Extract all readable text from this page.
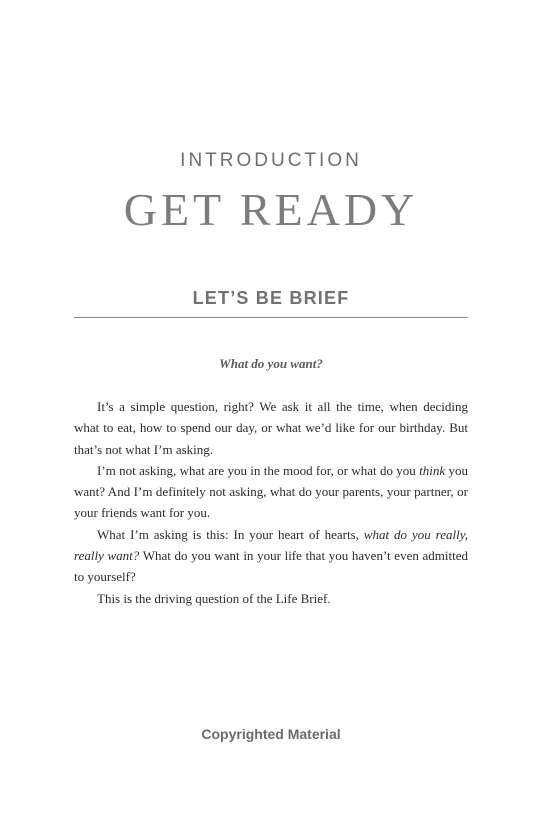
INTRODUCTION
GET READY
LET’S BE BRIEF
What do you want?

It’s a simple question, right? We ask it all the time, when deciding what to eat, how to spend our day, or what we’d like for our birthday. But that’s not what I’m asking.

I’m not asking, what are you in the mood for, or what do you think you want? And I’m definitely not asking, what do your parents, your partner, or your friends want for you.

What I’m asking is this: In your heart of hearts, what do you really, really want? What do you want in your life that you haven’t even admitted to yourself?

This is the driving question of the Life Brief.

Copyrighted Material
